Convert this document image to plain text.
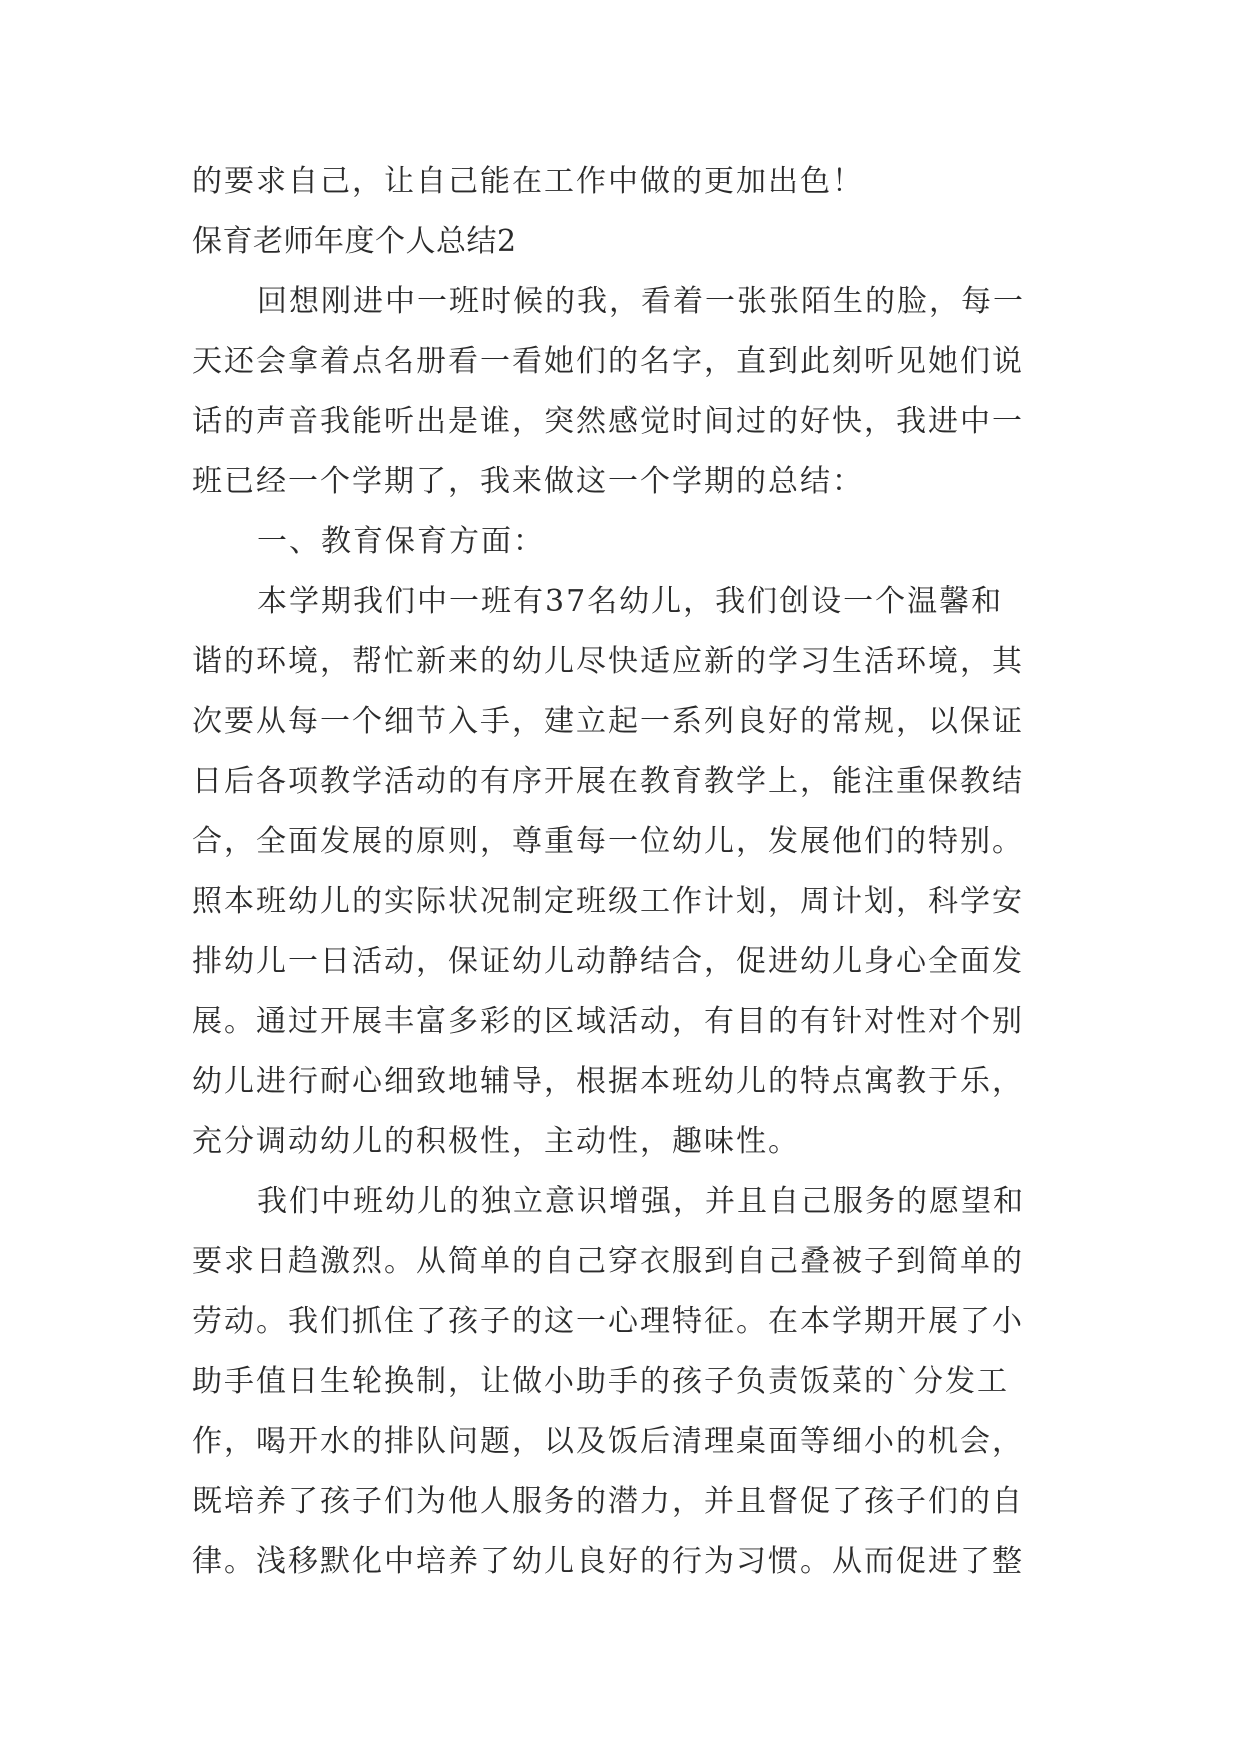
的要求自己，让自己能在工作中做的更加出色！
保育老师年度个人总结2
回想刚进中一班时候的我，看着一张张陌生的脸，每一
天还会拿着点名册看一看她们的名字，直到此刻听见她们说
话的声音我能听出是谁，突然感觉时间过的好快，我进中一
班已经一个学期了，我来做这一个学期的总结：
一、教育保育方面：
本学期我们中一班有37名幼儿，我们创设一个温馨和
谐的环境，帮忙新来的幼儿尽快适应新的学习生活环境，其
次要从每一个细节入手，建立起一系列良好的常规，以保证
日后各项教学活动的有序开展在教育教学上，能注重保教结
合，全面发展的原则，尊重每一位幼儿，发展他们的特别。
照本班幼儿的实际状况制定班级工作计划，周计划，科学安
排幼儿一日活动，保证幼儿动静结合，促进幼儿身心全面发
展。通过开展丰富多彩的区域活动，有目的有针对性对个别
幼儿进行耐心细致地辅导，根据本班幼儿的特点寓教于乐，
充分调动幼儿的积极性，主动性，趣味性。
我们中班幼儿的独立意识增强，并且自己服务的愿望和
要求日趋激烈。从简单的自己穿衣服到自己叠被子到简单的
劳动。我们抓住了孩子的这一心理特征。在本学期开展了小
助手值日生轮换制，让做小助手的孩子负责饭菜的`分发工
作，喝开水的排队问题，以及饭后清理桌面等细小的机会，
既培养了孩子们为他人服务的潜力，并且督促了孩子们的自
律。浅移默化中培养了幼儿良好的行为习惯。从而促进了整
